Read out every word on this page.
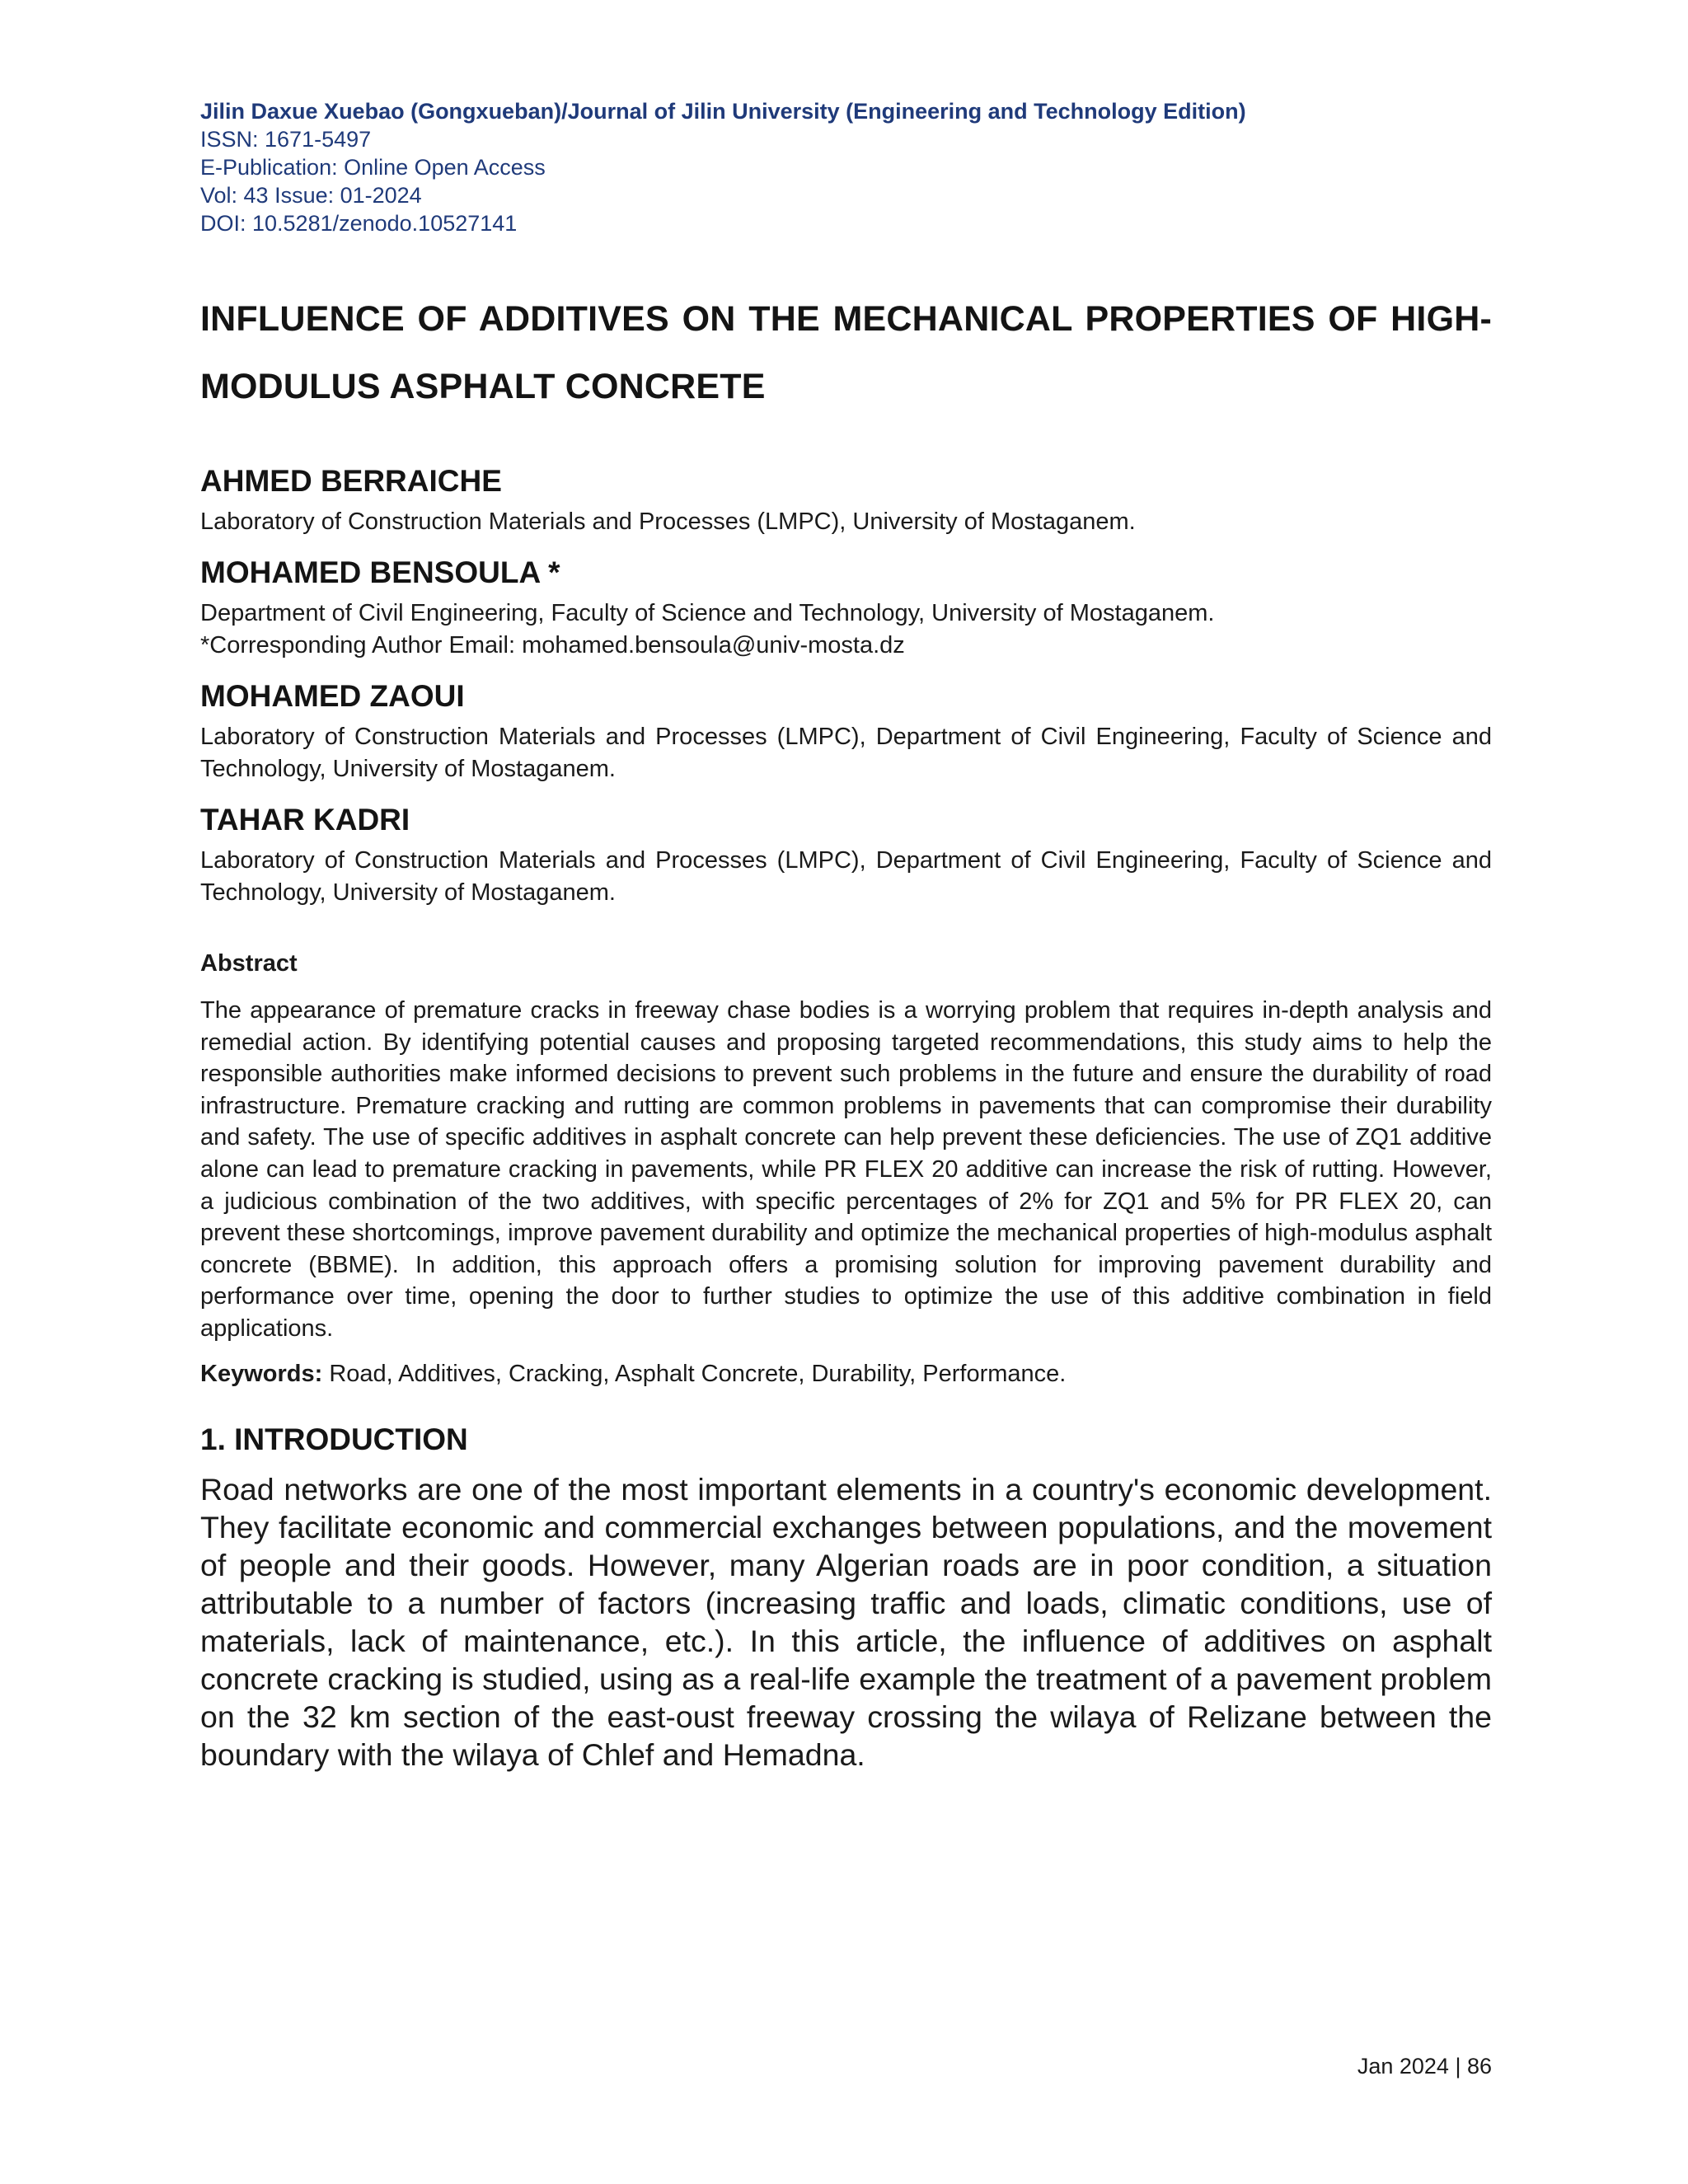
Jilin Daxue Xuebao (Gongxueban)/Journal of Jilin University (Engineering and Technology Edition)
ISSN: 1671-5497
E-Publication: Online Open Access
Vol: 43 Issue: 01-2024
DOI: 10.5281/zenodo.10527141
INFLUENCE OF ADDITIVES ON THE MECHANICAL PROPERTIES OF HIGH-MODULUS ASPHALT CONCRETE
AHMED BERRAICHE
Laboratory of Construction Materials and Processes (LMPC), University of Mostaganem.
MOHAMED BENSOULA *
Department of Civil Engineering, Faculty of Science and Technology, University of Mostaganem.
*Corresponding Author Email: mohamed.bensoula@univ-mosta.dz
MOHAMED ZAOUI
Laboratory of Construction Materials and Processes (LMPC), Department of Civil Engineering, Faculty of Science and Technology, University of Mostaganem.
TAHAR KADRI
Laboratory of Construction Materials and Processes (LMPC), Department of Civil Engineering, Faculty of Science and Technology, University of Mostaganem.
Abstract
The appearance of premature cracks in freeway chase bodies is a worrying problem that requires in-depth analysis and remedial action. By identifying potential causes and proposing targeted recommendations, this study aims to help the responsible authorities make informed decisions to prevent such problems in the future and ensure the durability of road infrastructure. Premature cracking and rutting are common problems in pavements that can compromise their durability and safety. The use of specific additives in asphalt concrete can help prevent these deficiencies. The use of ZQ1 additive alone can lead to premature cracking in pavements, while PR FLEX 20 additive can increase the risk of rutting. However, a judicious combination of the two additives, with specific percentages of 2% for ZQ1 and 5% for PR FLEX 20, can prevent these shortcomings, improve pavement durability and optimize the mechanical properties of high-modulus asphalt concrete (BBME). In addition, this approach offers a promising solution for improving pavement durability and performance over time, opening the door to further studies to optimize the use of this additive combination in field applications.
Keywords: Road, Additives, Cracking, Asphalt Concrete, Durability, Performance.
1. INTRODUCTION
Road networks are one of the most important elements in a country's economic development. They facilitate economic and commercial exchanges between populations, and the movement of people and their goods. However, many Algerian roads are in poor condition, a situation attributable to a number of factors (increasing traffic and loads, climatic conditions, use of materials, lack of maintenance, etc.). In this article, the influence of additives on asphalt concrete cracking is studied, using as a real-life example the treatment of a pavement problem on the 32 km section of the east-oust freeway crossing the wilaya of Relizane between the boundary with the wilaya of Chlef and Hemadna.
Jan 2024 | 86
